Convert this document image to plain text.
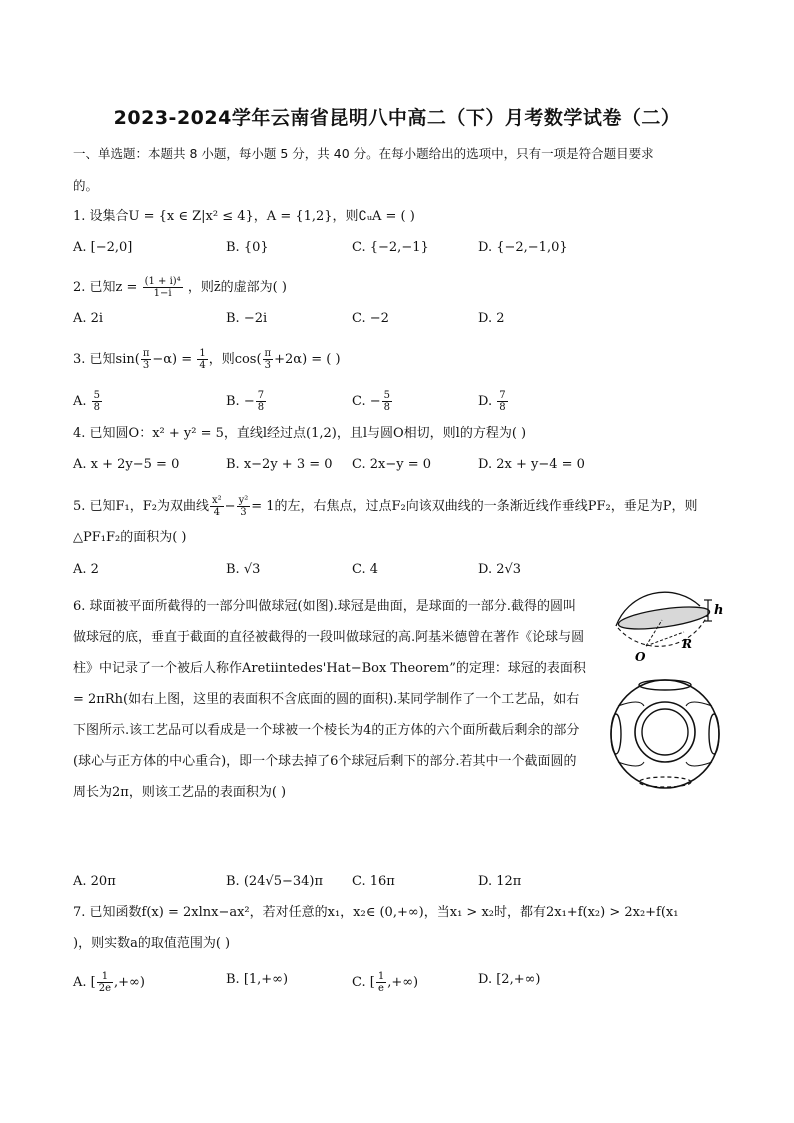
2023-2024学年云南省昆明八中高二（下）月考数学试卷（二）
一、单选题：本题共 8 小题，每小题 5 分，共 40 分。在每小题给出的选项中，只有一项是符合题目要求
的。
1. 设集合U = {x ∈ Z|x² ≤ 4}，A = {1,2}，则∁ᵤA = ( )
A. [−2,0]	B. {0}	C. {−2,−1}	D. {−2,−1,0}
2. 已知$z = \frac{\text{(1 + i)⁴}}{1-i}$ ，则z̄的虚部为( )
A. 2i	B. −2i	C. −2	D. 2
3. 已知$\sin( \frac{\pi}{3} -\alpha) = \frac{1}{4}$ ，则$\cos( \frac{\pi}{3} +2\alpha)$ = ( )
A. $\frac{5}{8}$	B. − $\frac{7}{8}$	C. − $\frac{5}{8}$	D. $\frac{7}{8}$
4. 已知圆O：x² + y² = 5，直线l经过点(1,2)，且l与圆O相切，则l的方程为( )
A. x + 2y−5 = 0	B. x−2y + 3 = 0 C. 2x−y = 0	D. 2x + y−4 = 0
5. 已知F₁，F₂为双曲线 $\frac{\text{x²}}{4} - \frac{\text{y²}}{3} = 1$的左，右焦点，过点F₂向该双曲线的一条渐近线作垂线PF₂，垂足为P，则
△PF₁F₂的面积为( )
A. 2	B. √3	C. 4	D. 2√3
6. 球面被平面所截得的一部分叫做球冠(如图).球冠是曲面，是球面的一部分.截得的圆叫做球冠的底，垂直于截面的直径被截得的一段叫做球冠的高.阿基米德曾在著作《论球与圆柱》中记录了一个被后人称作Aretiintedes'Hat−Box Theorem”的定理：球冠的表面积 = 2πRh(如右上图，这里的表面积不含底面的圆的面积).某同学制作了一个工艺品，如右下图所示.该工艺品可以看成是一个球被一个棱长为4的正方体的六个面所截后剩余的部分(球心与正方体的中心重合)，即一个球去掉了6个球冠后剩下的部分.若其中一个截面圆的周长为2π，则该工艺品的表面积为( )
h
R
O
A. 20π	B. (24√5−34)π C. 16π	D. 12π
7. 已知函数f(x) = 2xlnx−ax²，若对任意的x₁，x₂∈ (0,+∞)，当x₁ > x₂时，都有2x₁+f(x₂) > 2x₂+f(x₁
)，则实数a的取值范围为( )
A. [ $\frac{1}{2e}$ ,+∞)	B. [1,+∞)	C. [ $\frac{1}{e}$ ,+∞)	D. [2,+∞)
